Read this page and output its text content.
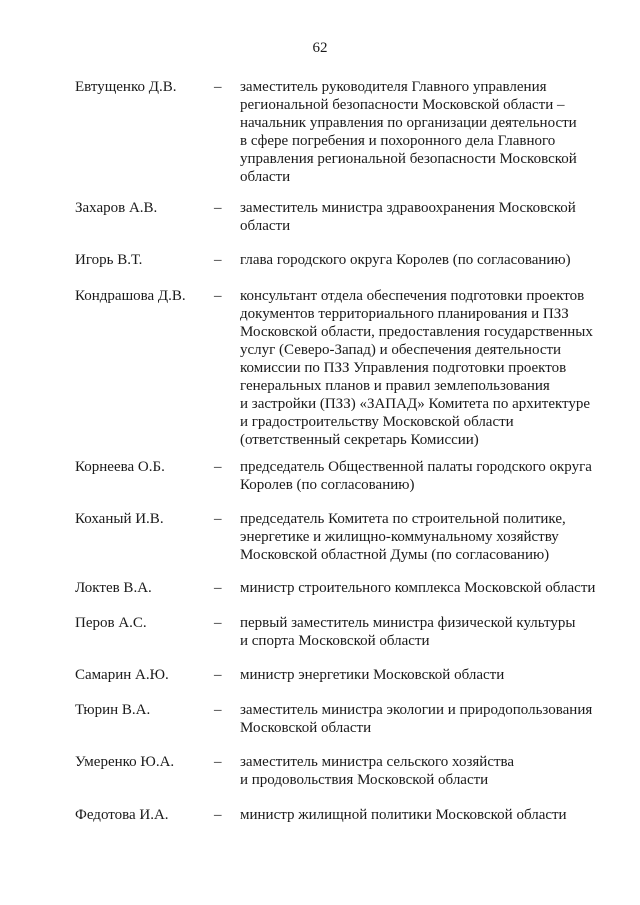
62
Евтущенко Д.В.	– заместитель руководителя Главного управления
региональной безопасности Московской области –
начальник управления по организации деятельности
в сфере погребения и похоронного дела Главного
управления региональной безопасности Московской
области
Захаров А.В.	– заместитель министра здравоохранения Московской
области
Игорь В.Т.	– глава городского округа Королев (по согласованию)
Кондрашова Д.В. – консультант отдела обеспечения подготовки проектов
документов территориального планирования и ПЗЗ
Московской области, предоставления государственных
услуг (Северо-Запад) и обеспечения деятельности
комиссии по ПЗЗ Управления подготовки проектов
генеральных планов и правил землепользования
и застройки (ПЗЗ) «ЗАПАД» Комитета по архитектуре
и градостроительству Московской области
(ответственный секретарь Комиссии)
Корнеева О.Б.	– председатель Общественной палаты городского округа
Королев (по согласованию)
Коханый И.В.	– председатель Комитета по строительной политике,
энергетике и жилищно-коммунальному хозяйству
Московской областной Думы (по согласованию)
Локтев В.А.	– министр строительного комплекса Московской области
Перов А.С.	– первый заместитель министра физической культуры
и спорта Московской области
Самарин А.Ю.	– министр энергетики Московской области
Тюрин В.А.	– заместитель министра экологии и природопользования
Московской области
Умеренко Ю.А.	– заместитель министра сельского хозяйства
и продовольствия Московской области
Федотова И.А.	– министр жилищной политики Московской области
